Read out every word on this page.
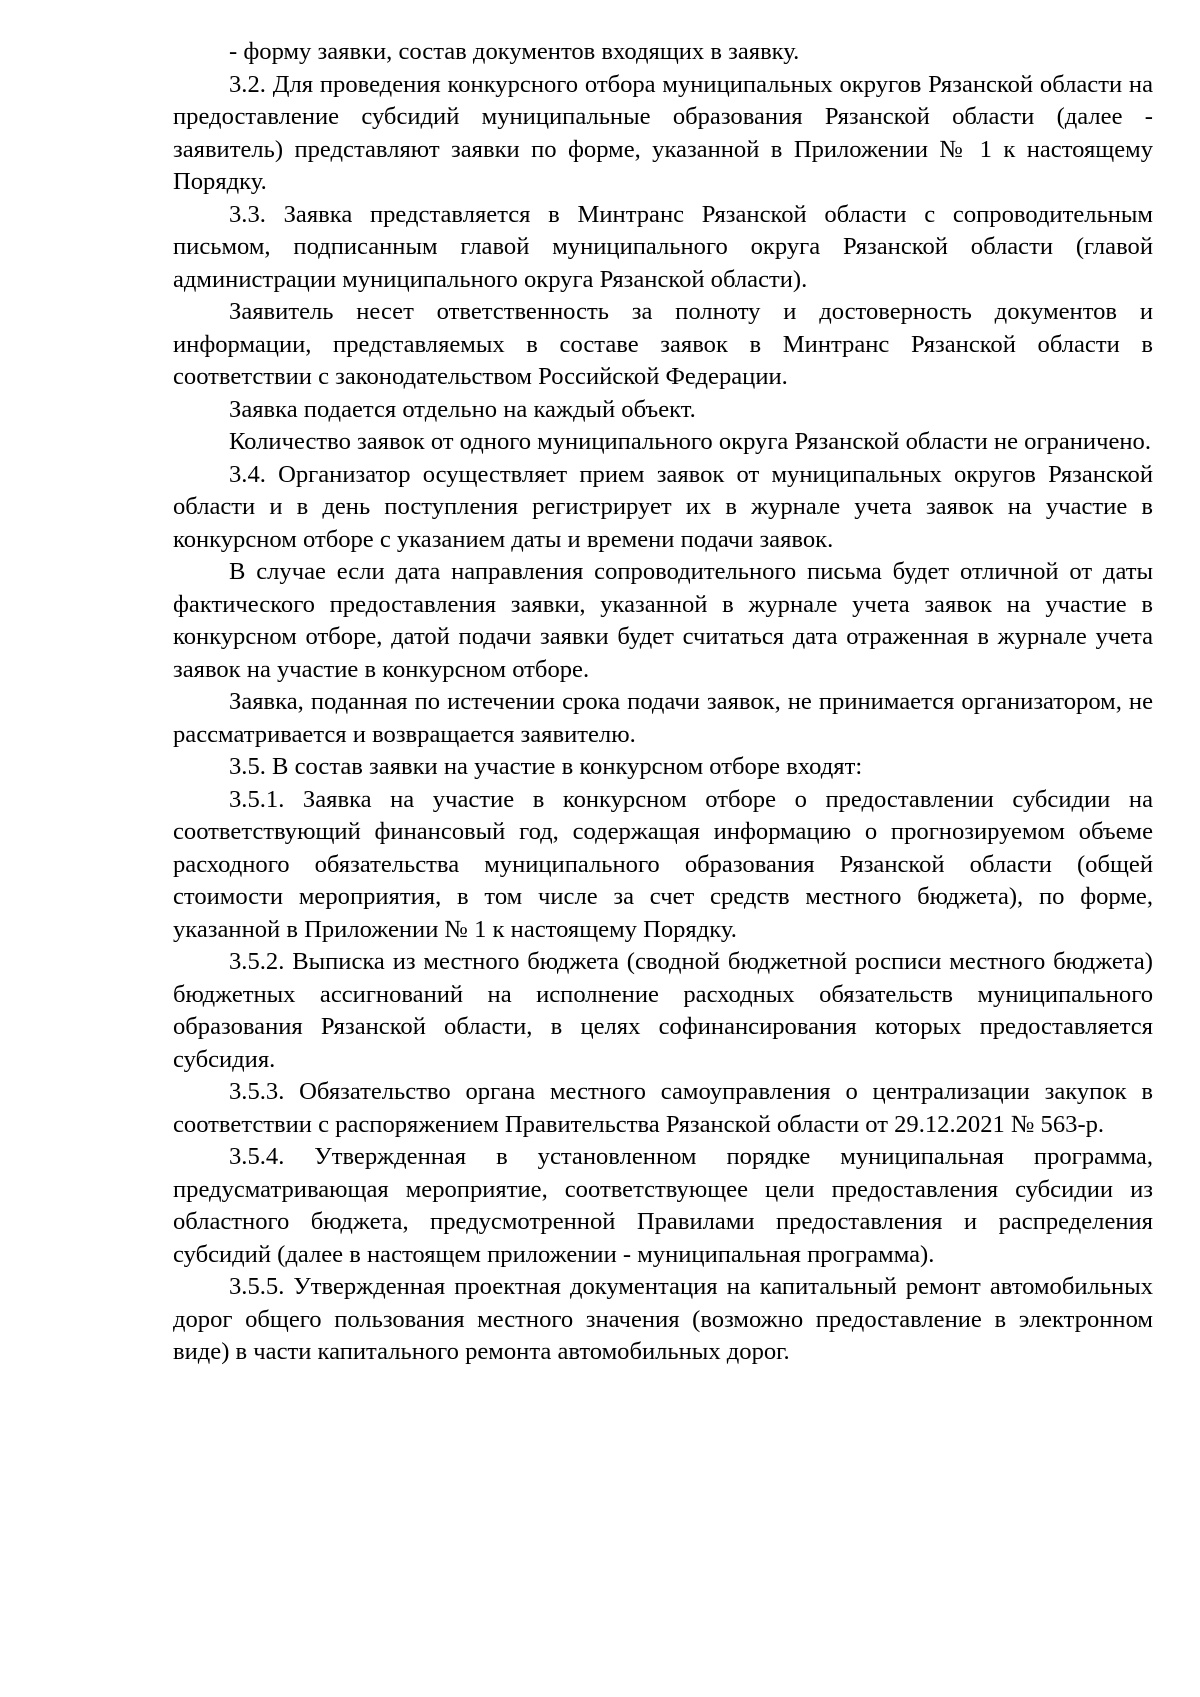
- форму заявки, состав документов входящих в заявку.

3.2. Для проведения конкурсного отбора муниципальных округов Рязанской области на предоставление субсидий муниципальные образования Рязанской области (далее - заявитель) представляют заявки по форме, указанной в Приложении № 1 к настоящему Порядку.

3.3. Заявка представляется в Минтранс Рязанской области с сопроводительным письмом, подписанным главой муниципального округа Рязанской области (главой администрации муниципального округа Рязанской области).

Заявитель несет ответственность за полноту и достоверность документов и информации, представляемых в составе заявок в Минтранс Рязанской области в соответствии с законодательством Российской Федерации.

Заявка подается отдельно на каждый объект.

Количество заявок от одного муниципального округа Рязанской области не ограничено.

3.4. Организатор осуществляет прием заявок от муниципальных округов Рязанской области и в день поступления регистрирует их в журнале учета заявок на участие в конкурсном отборе с указанием даты и времени подачи заявок.

В случае если дата направления сопроводительного письма будет отличной от даты фактического предоставления заявки, указанной в журнале учета заявок на участие в конкурсном отборе, датой подачи заявки будет считаться дата отраженная в журнале учета заявок на участие в конкурсном отборе.

Заявка, поданная по истечении срока подачи заявок, не принимается организатором, не рассматривается и возвращается заявителю.

3.5. В состав заявки на участие в конкурсном отборе входят:

3.5.1. Заявка на участие в конкурсном отборе о предоставлении субсидии на соответствующий финансовый год, содержащая информацию о прогнозируемом объеме расходного обязательства муниципального образования Рязанской области (общей стоимости мероприятия, в том числе за счет средств местного бюджета), по форме, указанной в Приложении № 1 к настоящему Порядку.

3.5.2. Выписка из местного бюджета (сводной бюджетной росписи местного бюджета) бюджетных ассигнований на исполнение расходных обязательств муниципального образования Рязанской области, в целях софинансирования которых предоставляется субсидия.

3.5.3. Обязательство органа местного самоуправления о централизации закупок в соответствии с распоряжением Правительства Рязанской области от 29.12.2021 № 563-р.

3.5.4. Утвержденная в установленном порядке муниципальная программа, предусматривающая мероприятие, соответствующее цели предоставления субсидии из областного бюджета, предусмотренной Правилами предоставления и распределения субсидий (далее в настоящем приложении - муниципальная программа).

3.5.5. Утвержденная проектная документация на капитальный ремонт автомобильных дорог общего пользования местного значения (возможно предоставление в электронном виде) в части капитального ремонта автомобильных дорог.
